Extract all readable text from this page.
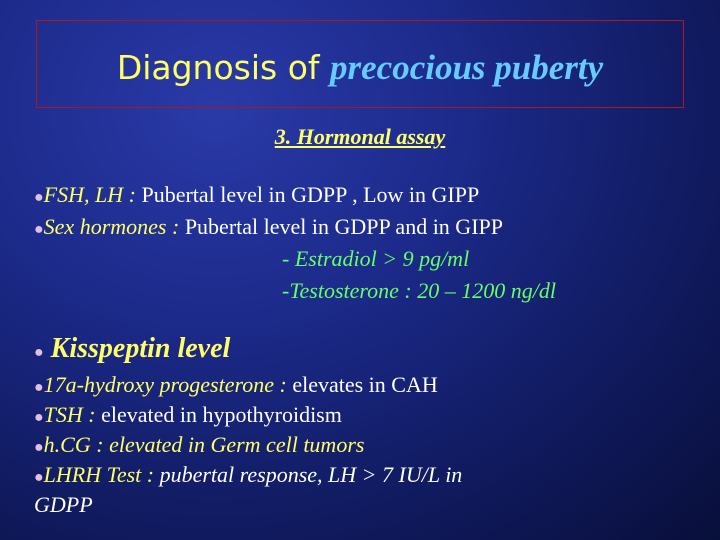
Diagnosis of precocious puberty
3. Hormonal assay
●FSH, LH : Pubertal level in GDPP , Low in GIPP
●Sex hormones : Pubertal level in GDPP and in GIPP
- Estradiol > 9 pg/ml
-Testosterone : 20 – 1200 ng/dl
● Kisspeptin level
●17a-hydroxy progesterone : elevates in CAH
●TSH : elevated in hypothyroidism
●h.CG : elevated in Germ cell tumors
●LHRH Test : pubertal response, LH > 7 IU/L in
GDPP
